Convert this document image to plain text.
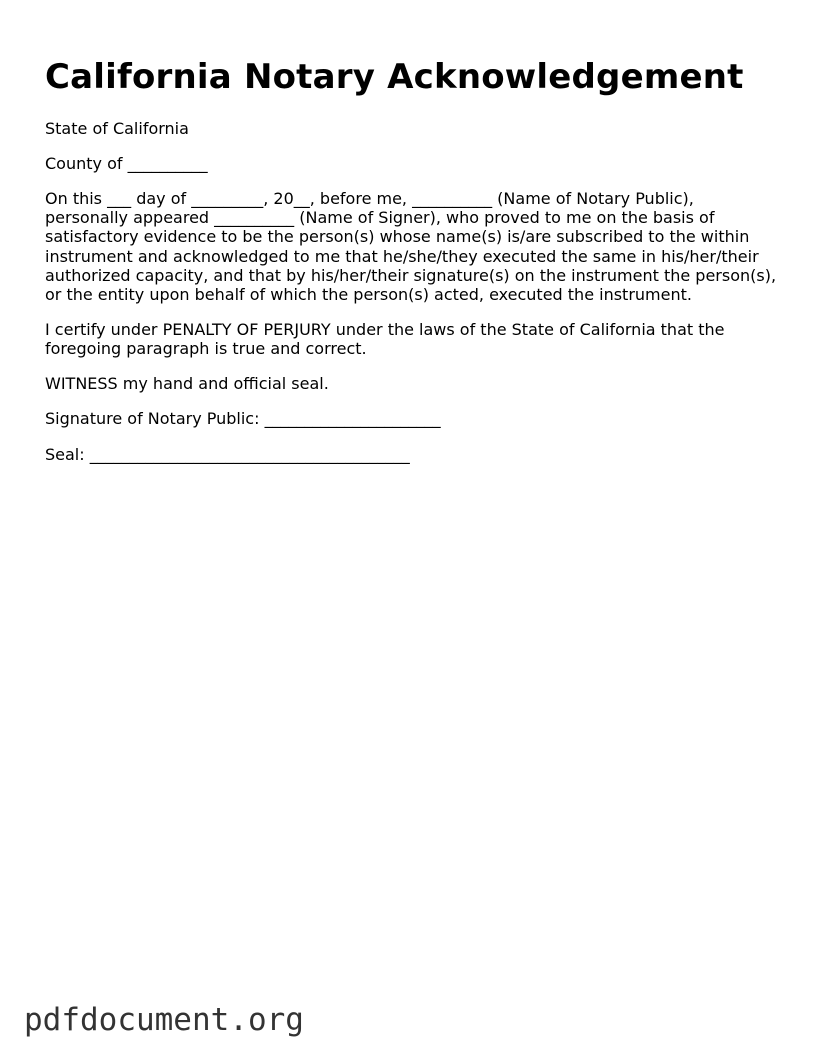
California Notary Acknowledgement

State of California

County of __________

On this ___ day of _________, 20__, before me, __________ (Name of Notary Public),
personally appeared __________ (Name of Signer), who proved to me on the basis of
satisfactory evidence to be the person(s) whose name(s) is/are subscribed to the within
instrument and acknowledged to me that he/she/they executed the same in his/her/their
authorized capacity, and that by his/her/their signature(s) on the instrument the person(s),
or the entity upon behalf of which the person(s) acted, executed the instrument.
I certify under PENALTY OF PERJURY under the laws of the State of California that the
foregoing paragraph is true and correct.

WITNESS my hand and official seal.

Signature of Notary Public: ______________________

Seal: ________________________________________

pdfdocument.org
